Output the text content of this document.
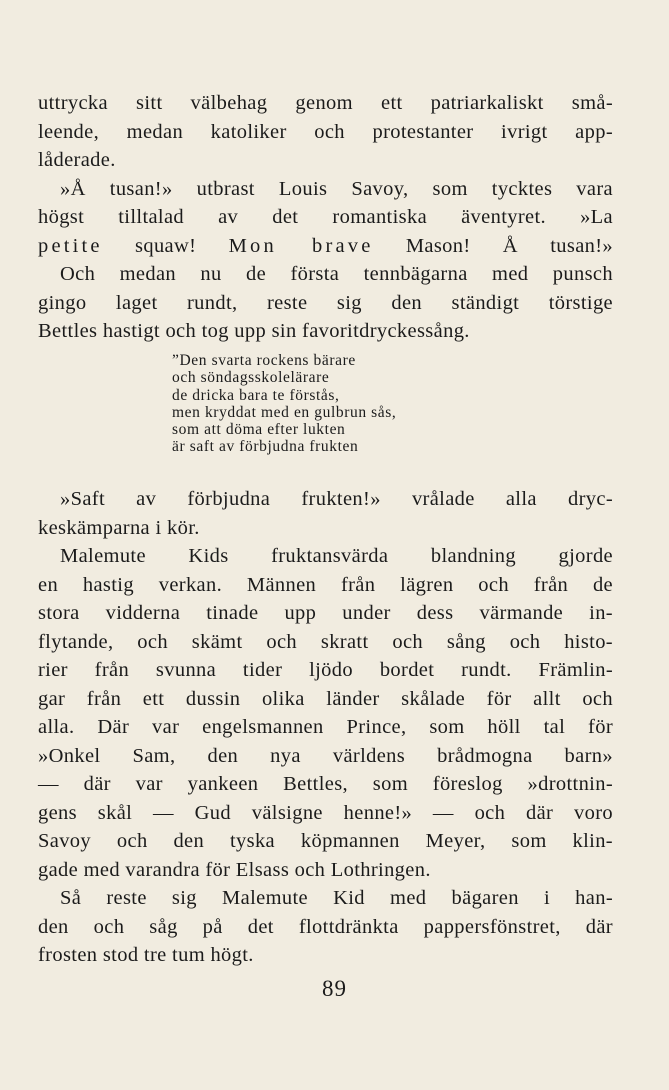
uttrycka sitt välbehag genom ett patriarkaliskt små-
leende, medan katoliker och protestanter ivrigt app-
låderade.
»Å tusan!» utbrast Louis Savoy, som tycktes vara
högst tilltalad av det romantiska äventyret. »La
petite squaw! Mon brave Mason! Å tusan!»
Och medan nu de första tennbägarna med punsch
gingo laget rundt, reste sig den ständigt törstige
Bettles hastigt och tog upp sin favoritdryckessång.
”Den svarta rockens bärare
och söndagsskolelärare
de dricka bara te förstås,
men kryddat med en gulbrun sås,
som att döma efter lukten
är saft av förbjudna frukten
»Saft av förbjudna frukten!» vrålade alla dryc-
keskämparna i kör.
Malemute Kids fruktansvärda blandning gjorde
en hastig verkan. Männen från lägren och från de
stora vidderna tinade upp under dess värmande in-
flytande, och skämt och skratt och sång och histo-
rier från svunna tider ljödo bordet rundt. Främlin-
gar från ett dussin olika länder skålade för allt och
alla. Där var engelsmannen Prince, som höll tal för
»Onkel Sam, den nya världens brådmogna barn»
— där var yankeen Bettles, som föreslog »drottnin-
gens skål — Gud välsigne henne!» — och där voro
Savoy och den tyska köpmannen Meyer, som klin-
gade med varandra för Elsass och Lothringen.
Så reste sig Malemute Kid med bägaren i han-
den och såg på det flottdränkta pappersfönstret, där
frosten stod tre tum högt.
89
